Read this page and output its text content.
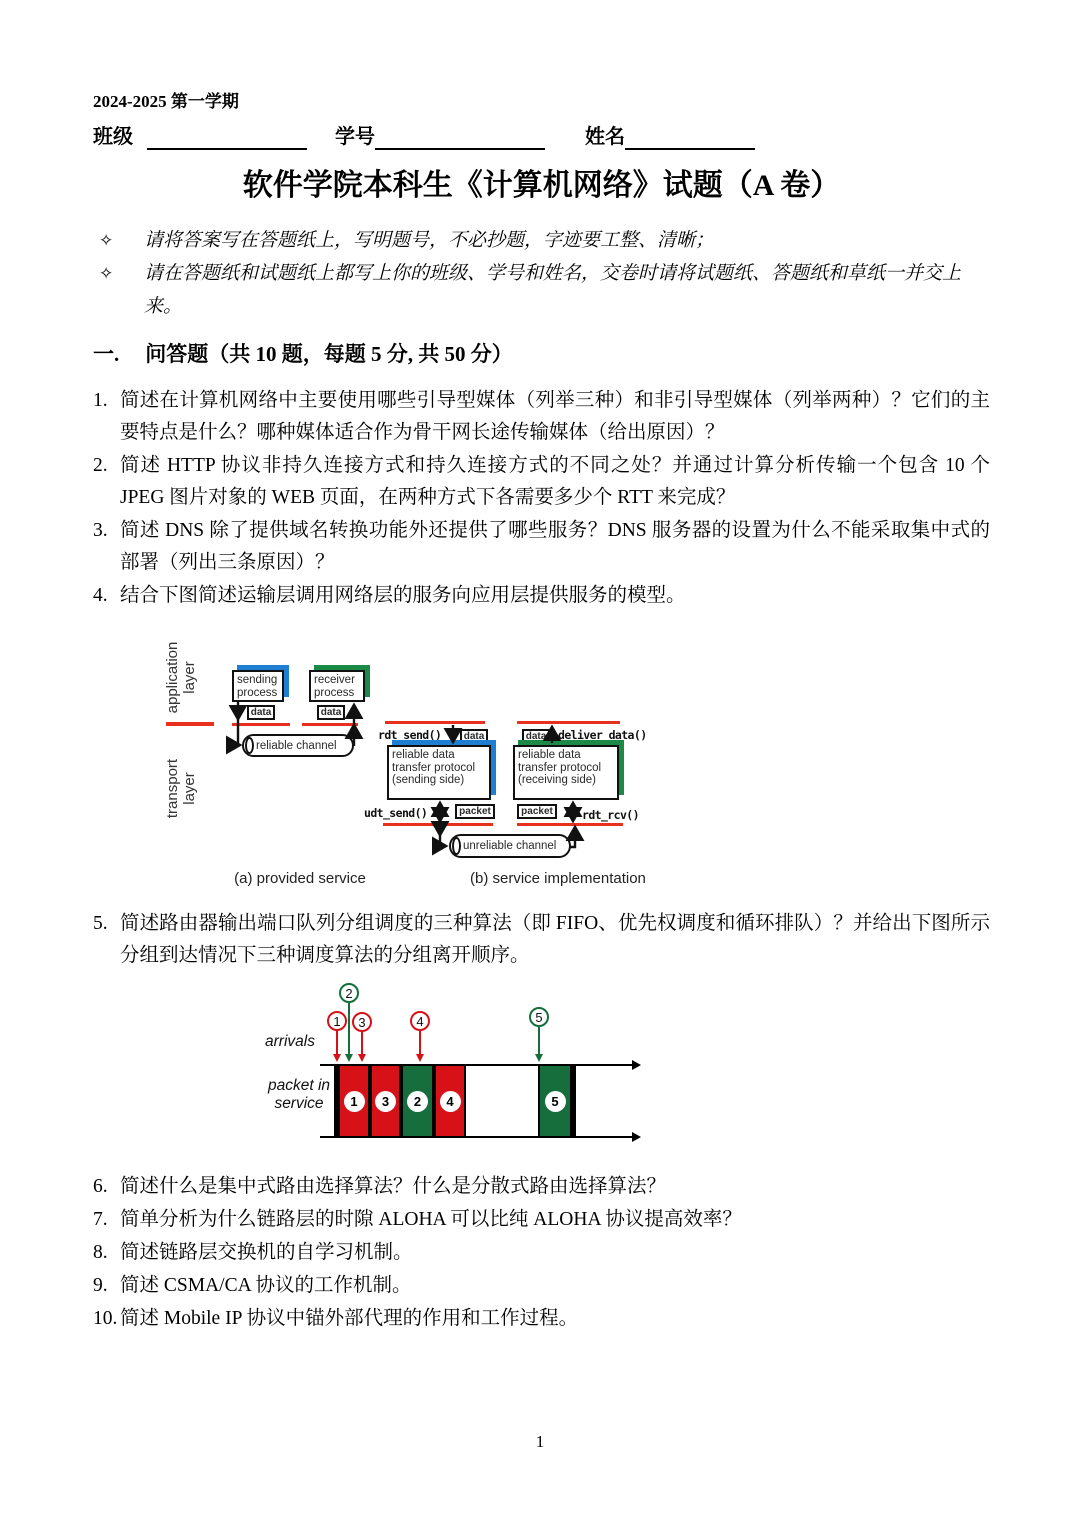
2024-2025 第一学期
班级	学号	姓名
软件学院本科生《计算机网络》试题（A 卷）
✧	请将答案写在答题纸上，写明题号，不必抄题，字迹要工整、清晰；
✧	请在答题纸和试题纸上都写上你的班级、学号和姓名，交卷时请将试题纸、答题纸和草纸一并交上来。
一. 问答题（共 10 题，每题 5 分, 共 50 分）
1. 简述在计算机网络中主要使用哪些引导型媒体（列举三种）和非引导型媒体（列举两种）？它们的主要特点是什么？哪种媒体适合作为骨干网长途传输媒体（给出原因）？
2. 简述 HTTP 协议非持久连接方式和持久连接方式的不同之处？并通过计算分析传输一个包含 10 个 JPEG 图片对象的 WEB 页面，在两种方式下各需要多少个 RTT 来完成？
3. 简述 DNS 除了提供域名转换功能外还提供了哪些服务？DNS 服务器的设置为什么不能采取集中式的部署（列出三条原因）？
4. 结合下图简述运输层调用网络层的服务向应用层提供服务的模型。
application layer
transport layer
sending process
receiver process
data	data
reliable channel
(a) provided service
rdt_send()	data
reliable data transfer protocol (sending side)
udt_send()	packet
data	deliver_data()
reliable data transfer protocol (receiving side)
packet	rdt_rcv()
unreliable channel
(b) service implementation
5. 简述路由器输出端口队列分组调度的三种算法（即 FIFO、优先权调度和循环排队）？并给出下图所示分组到达情况下三种调度算法的分组离开顺序。
arrivals
packet in service
1
2
3	4	5
1	3	2	4	5
6. 简述什么是集中式路由选择算法？什么是分散式路由选择算法？
7. 简单分析为什么链路层的时隙 ALOHA 可以比纯 ALOHA 协议提高效率？
8. 简述链路层交换机的自学习机制。
9. 简述 CSMA/CA 协议的工作机制。
10. 简述 Mobile IP 协议中锚外部代理的作用和工作过程。
1
